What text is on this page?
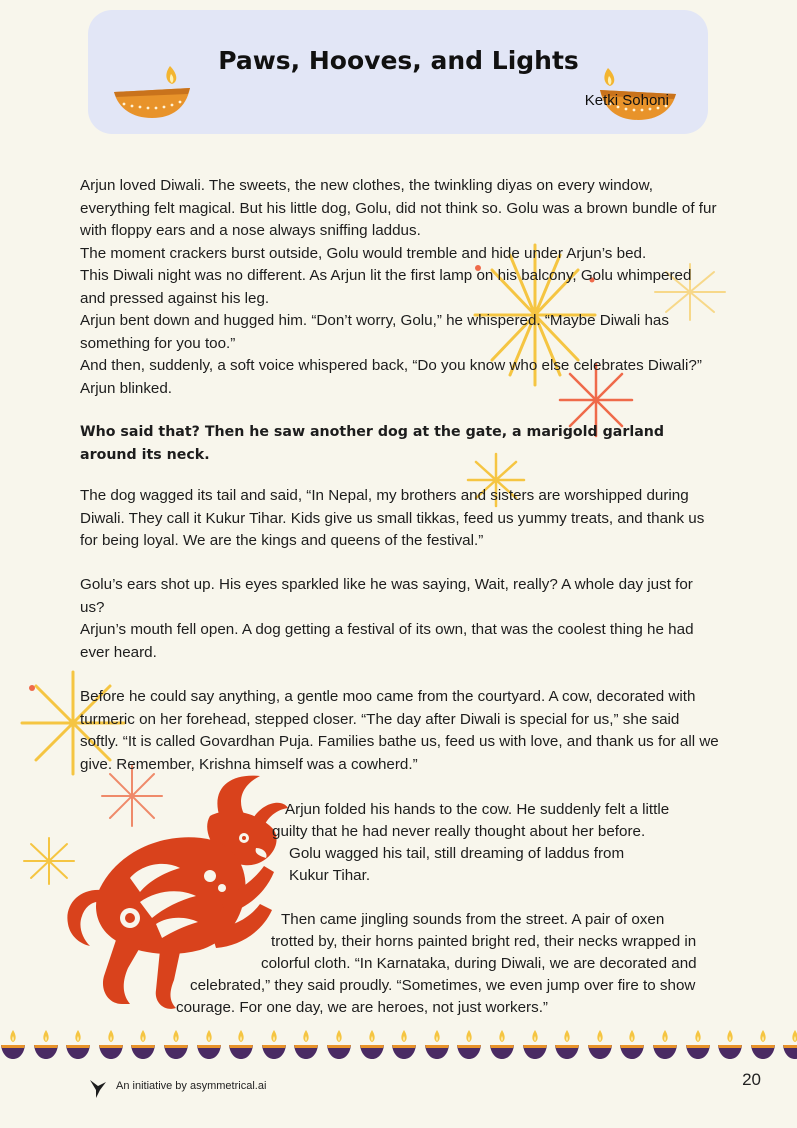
Paws, Hooves, and Lights
Ketki Sohoni

Arjun loved Diwali. The sweets, the new clothes, the twinkling diyas on every window, everything felt magical. But his little dog, Golu, did not think so. Golu was a brown bundle of fur with floppy ears and a nose always sniffing laddus.

The moment crackers burst outside, Golu would tremble and hide under Arjun’s bed.

This Diwali night was no different. As Arjun lit the first lamp on his balcony, Golu whimpered and pressed against his leg.

Arjun bent down and hugged him. “Don’t worry, Golu,” he whispered. “Maybe Diwali has something for you too.”

And then, suddenly, a soft voice whispered back, “Do you know who else celebrates Diwali?”

Arjun blinked.

Who said that? Then he saw another dog at the gate, a marigold garland around its neck.
The dog wagged its tail and said, “In Nepal, my brothers and sisters are worshipped during Diwali. They call it Kukur Tihar. Kids give us small tikkas, feed us yummy treats, and thank us for being loyal. We are the kings and queens of the festival.”

Golu’s ears shot up. His eyes sparkled like he was saying, Wait, really? A whole day just for us?

Arjun’s mouth fell open. A dog getting a festival of its own, that was the coolest thing he had ever heard.

Before he could say anything, a gentle moo came from the courtyard. A cow, decorated with turmeric on her forehead, stepped closer. “The day after Diwali is special for us,” she said softly. “It is called Govardhan Puja. Families bathe us, feed us with love, and thank us for all we give. Remember, Krishna himself was a cowherd.”
Arjun folded his hands to the cow. He suddenly felt a little
guilty that he had never really thought about her before.
Golu wagged his tail, still dreaming of laddus from
Kukur Tihar.
Then came jingling sounds from the street. A pair of oxen
trotted by, their horns painted bright red, their necks wrapped in
colorful cloth. “In Karnataka, during Diwali, we are decorated and
celebrated,” they said proudly. “Sometimes, we even jump over fire to show
courage. For one day, we are heroes, not just workers.”
An initiative by asymmetrical.ai	20
